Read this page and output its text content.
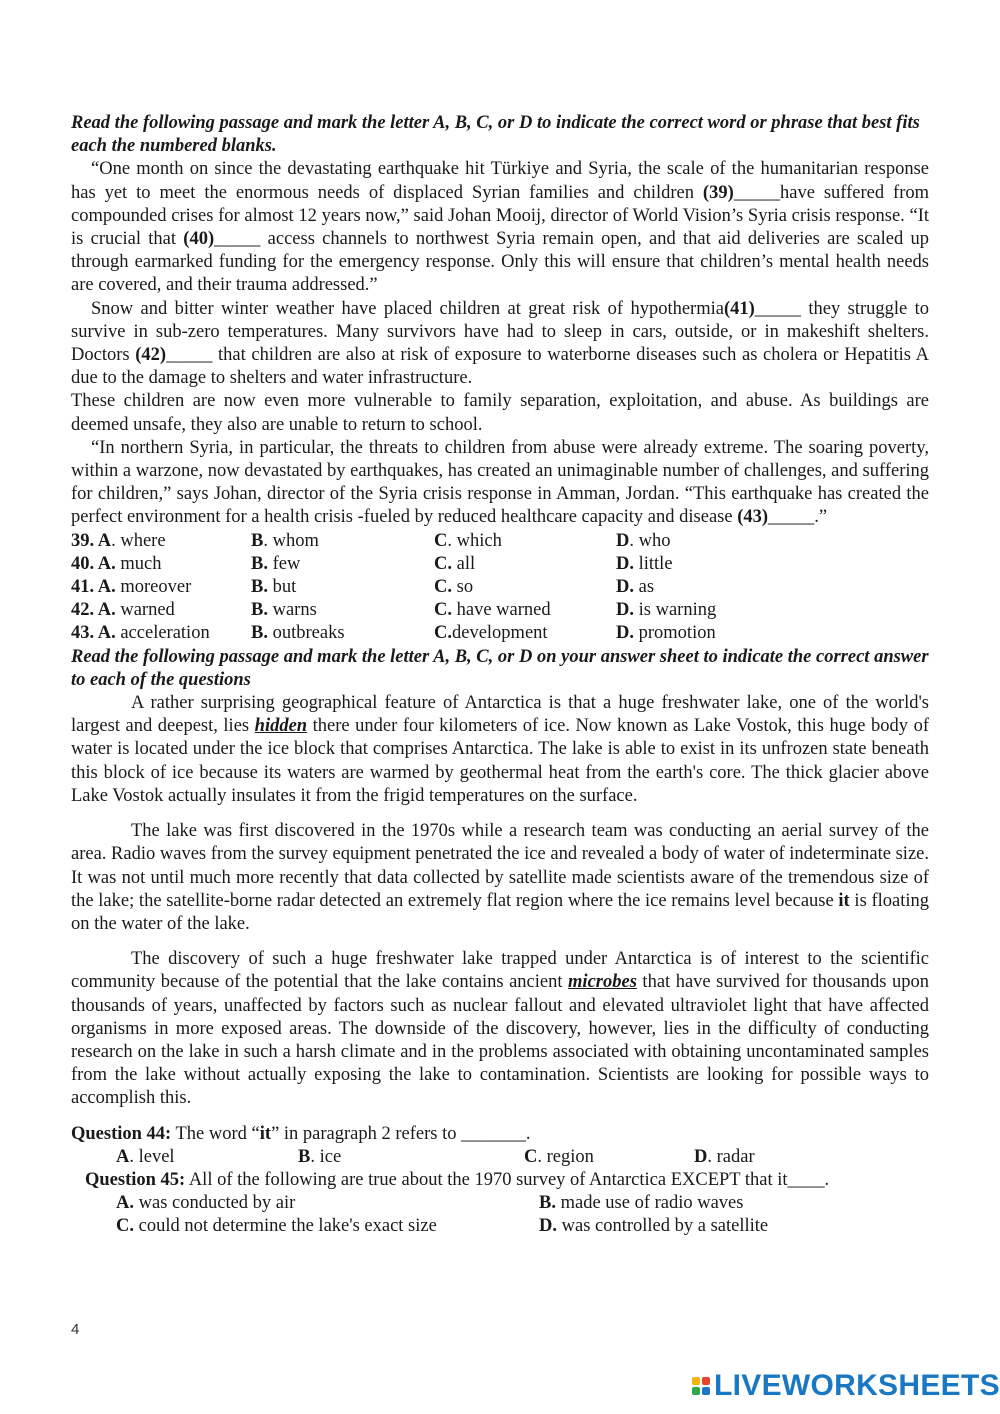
Read the following passage and mark the letter A, B, C, or D to indicate the correct word or phrase that best fits each the numbered blanks.

“One month on since the devastating earthquake hit Türkiye and Syria, the scale of the humanitarian response has yet to meet the enormous needs of displaced Syrian families and children (39)_____have suffered from compounded crises for almost 12 years now,” said Johan Mooij, director of World Vision’s Syria crisis response. “It is crucial that (40)_____ access channels to northwest Syria remain open, and that aid deliveries are scaled up through earmarked funding for the emergency response. Only this will ensure that children’s mental health needs are covered, and their trauma addressed.”

Snow and bitter winter weather have placed children at great risk of hypothermia(41)_____ they struggle to survive in sub-zero temperatures. Many survivors have had to sleep in cars, outside, or in makeshift shelters. Doctors (42)_____ that children are also at risk of exposure to waterborne diseases such as cholera or Hepatitis A due to the damage to shelters and water infrastructure.

These children are now even more vulnerable to family separation, exploitation, and abuse. As buildings are deemed unsafe, they also are unable to return to school.

“In northern Syria, in particular, the threats to children from abuse were already extreme. The soaring poverty, within a warzone, now devastated by earthquakes, has created an unimaginable number of challenges, and suffering for children,” says Johan, director of the Syria crisis response in Amman, Jordan. “This earthquake has created the perfect environment for a health crisis -fueled by reduced healthcare capacity and disease (43)_____.”

39. A. where	B. whom	C. which	D. who
40. A. much	B. few	C. all	D. little
41. A. moreover	B. but	C. so	D. as
42. A. warned	B. warns	C. have warned	D. is warning
43. A. acceleration	B. outbreaks	C.development	D. promotion

Read the following passage and mark the letter A, B, C, or D on your answer sheet to indicate the correct answer to each of the questions

A rather surprising geographical feature of Antarctica is that a huge freshwater lake, one of the world's largest and deepest, lies hidden there under four kilometers of ice. Now known as Lake Vostok, this huge body of water is located under the ice block that comprises Antarctica. The lake is able to exist in its unfrozen state beneath this block of ice because its waters are warmed by geothermal heat from the earth's core. The thick glacier above Lake Vostok actually insulates it from the frigid temperatures on the surface.

The lake was first discovered in the 1970s while a research team was conducting an aerial survey of the area. Radio waves from the survey equipment penetrated the ice and revealed a body of water of indeterminate size. It was not until much more recently that data collected by satellite made scientists aware of the tremendous size of the lake; the satellite-borne radar detected an extremely flat region where the ice remains level because it is floating on the water of the lake.

The discovery of such a huge freshwater lake trapped under Antarctica is of interest to the scientific community because of the potential that the lake contains ancient microbes that have survived for thousands upon thousands of years, unaffected by factors such as nuclear fallout and elevated ultraviolet light that have affected organisms in more exposed areas. The downside of the discovery, however, lies in the difficulty of conducting research on the lake in such a harsh climate and in the problems associated with obtaining uncontaminated samples from the lake without actually exposing the lake to contamination. Scientists are looking for possible ways to accomplish this.

Question 44: The word “it” in paragraph 2 refers to _______.

A. level	B. ice	C. region	D. radar

Question 45: All of the following are true about the 1970 survey of Antarctica EXCEPT that it____.

A. was conducted by air	B. made use of radio waves
C. could not determine the lake's exact size	D. was controlled by a satellite
4
LIVEWORKSHEETS
